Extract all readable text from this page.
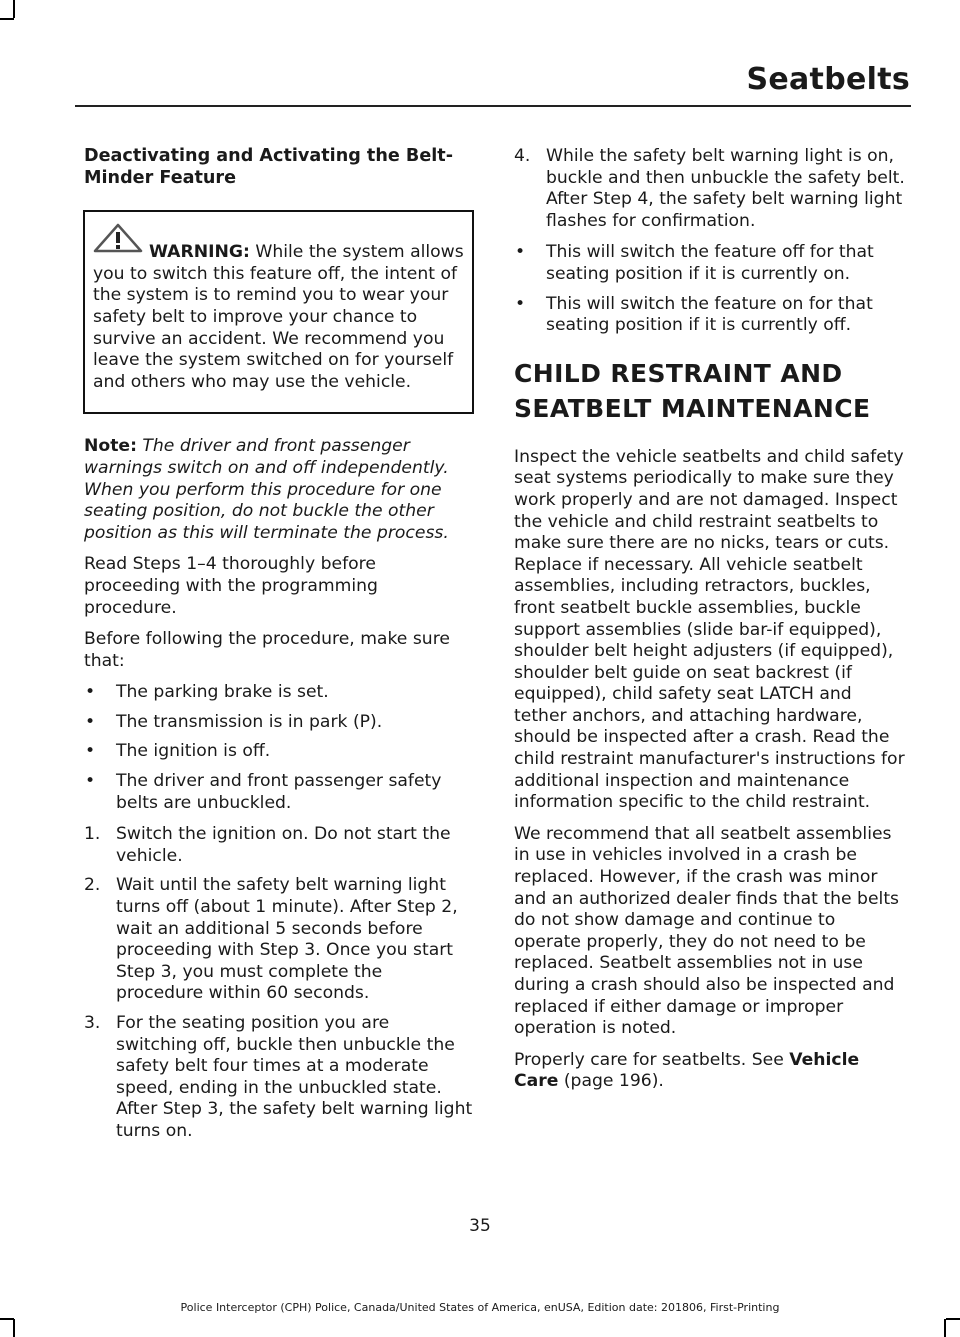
Seatbelts
Deactivating and Activating the Belt-Minder Feature

WARNING: While the system allows you to switch this feature off, the intent of the system is to remind you to wear your safety belt to improve your chance to survive an accident. We recommend you leave the system switched on for yourself and others who may use the vehicle.

Note: The driver and front passenger warnings switch on and off independently. When you perform this procedure for one seating position, do not buckle the other position as this will terminate the process.

Read Steps 1–4 thoroughly before proceeding with the programming procedure.

Before following the procedure, make sure that:

•	The parking brake is set.
•	The transmission is in park (P).
•	The ignition is off.
•	The driver and front passenger safety belts are unbuckled.
1. Switch the ignition on. Do not start the vehicle.
2. Wait until the safety belt warning light turns off (about 1 minute). After Step 2, wait an additional 5 seconds before proceeding with Step 3. Once you start Step 3, you must complete the procedure within 60 seconds.
3. For the seating position you are switching off, buckle then unbuckle the safety belt four times at a moderate speed, ending in the unbuckled state. After Step 3, the safety belt warning light turns on.
4. While the safety belt warning light is on, buckle and then unbuckle the safety belt. After Step 4, the safety belt warning light flashes for confirmation.
•	This will switch the feature off for that seating position if it is currently on.
•	This will switch the feature on for that seating position if it is currently off.
CHILD RESTRAINT AND
SEATBELT MAINTENANCE

Inspect the vehicle seatbelts and child safety seat systems periodically to make sure they work properly and are not damaged. Inspect the vehicle and child restraint seatbelts to make sure there are no nicks, tears or cuts. Replace if necessary. All vehicle seatbelt assemblies, including retractors, buckles, front seatbelt buckle assemblies, buckle support assemblies (slide bar-if equipped), shoulder belt height adjusters (if equipped), shoulder belt guide on seat backrest (if equipped), child safety seat LATCH and tether anchors, and attaching hardware, should be inspected after a crash. Read the child restraint manufacturer's instructions for additional inspection and maintenance information specific to the child restraint.

We recommend that all seatbelt assemblies in use in vehicles involved in a crash be replaced. However, if the crash was minor and an authorized dealer finds that the belts do not show damage and continue to operate properly, they do not need to be replaced. Seatbelt assemblies not in use during a crash should also be inspected and replaced if either damage or improper operation is noted.

Properly care for seatbelts. See Vehicle Care (page 196).

35

Police Interceptor (CPH) Police, Canada/United States of America, enUSA, Edition date: 201806, First-Printing
